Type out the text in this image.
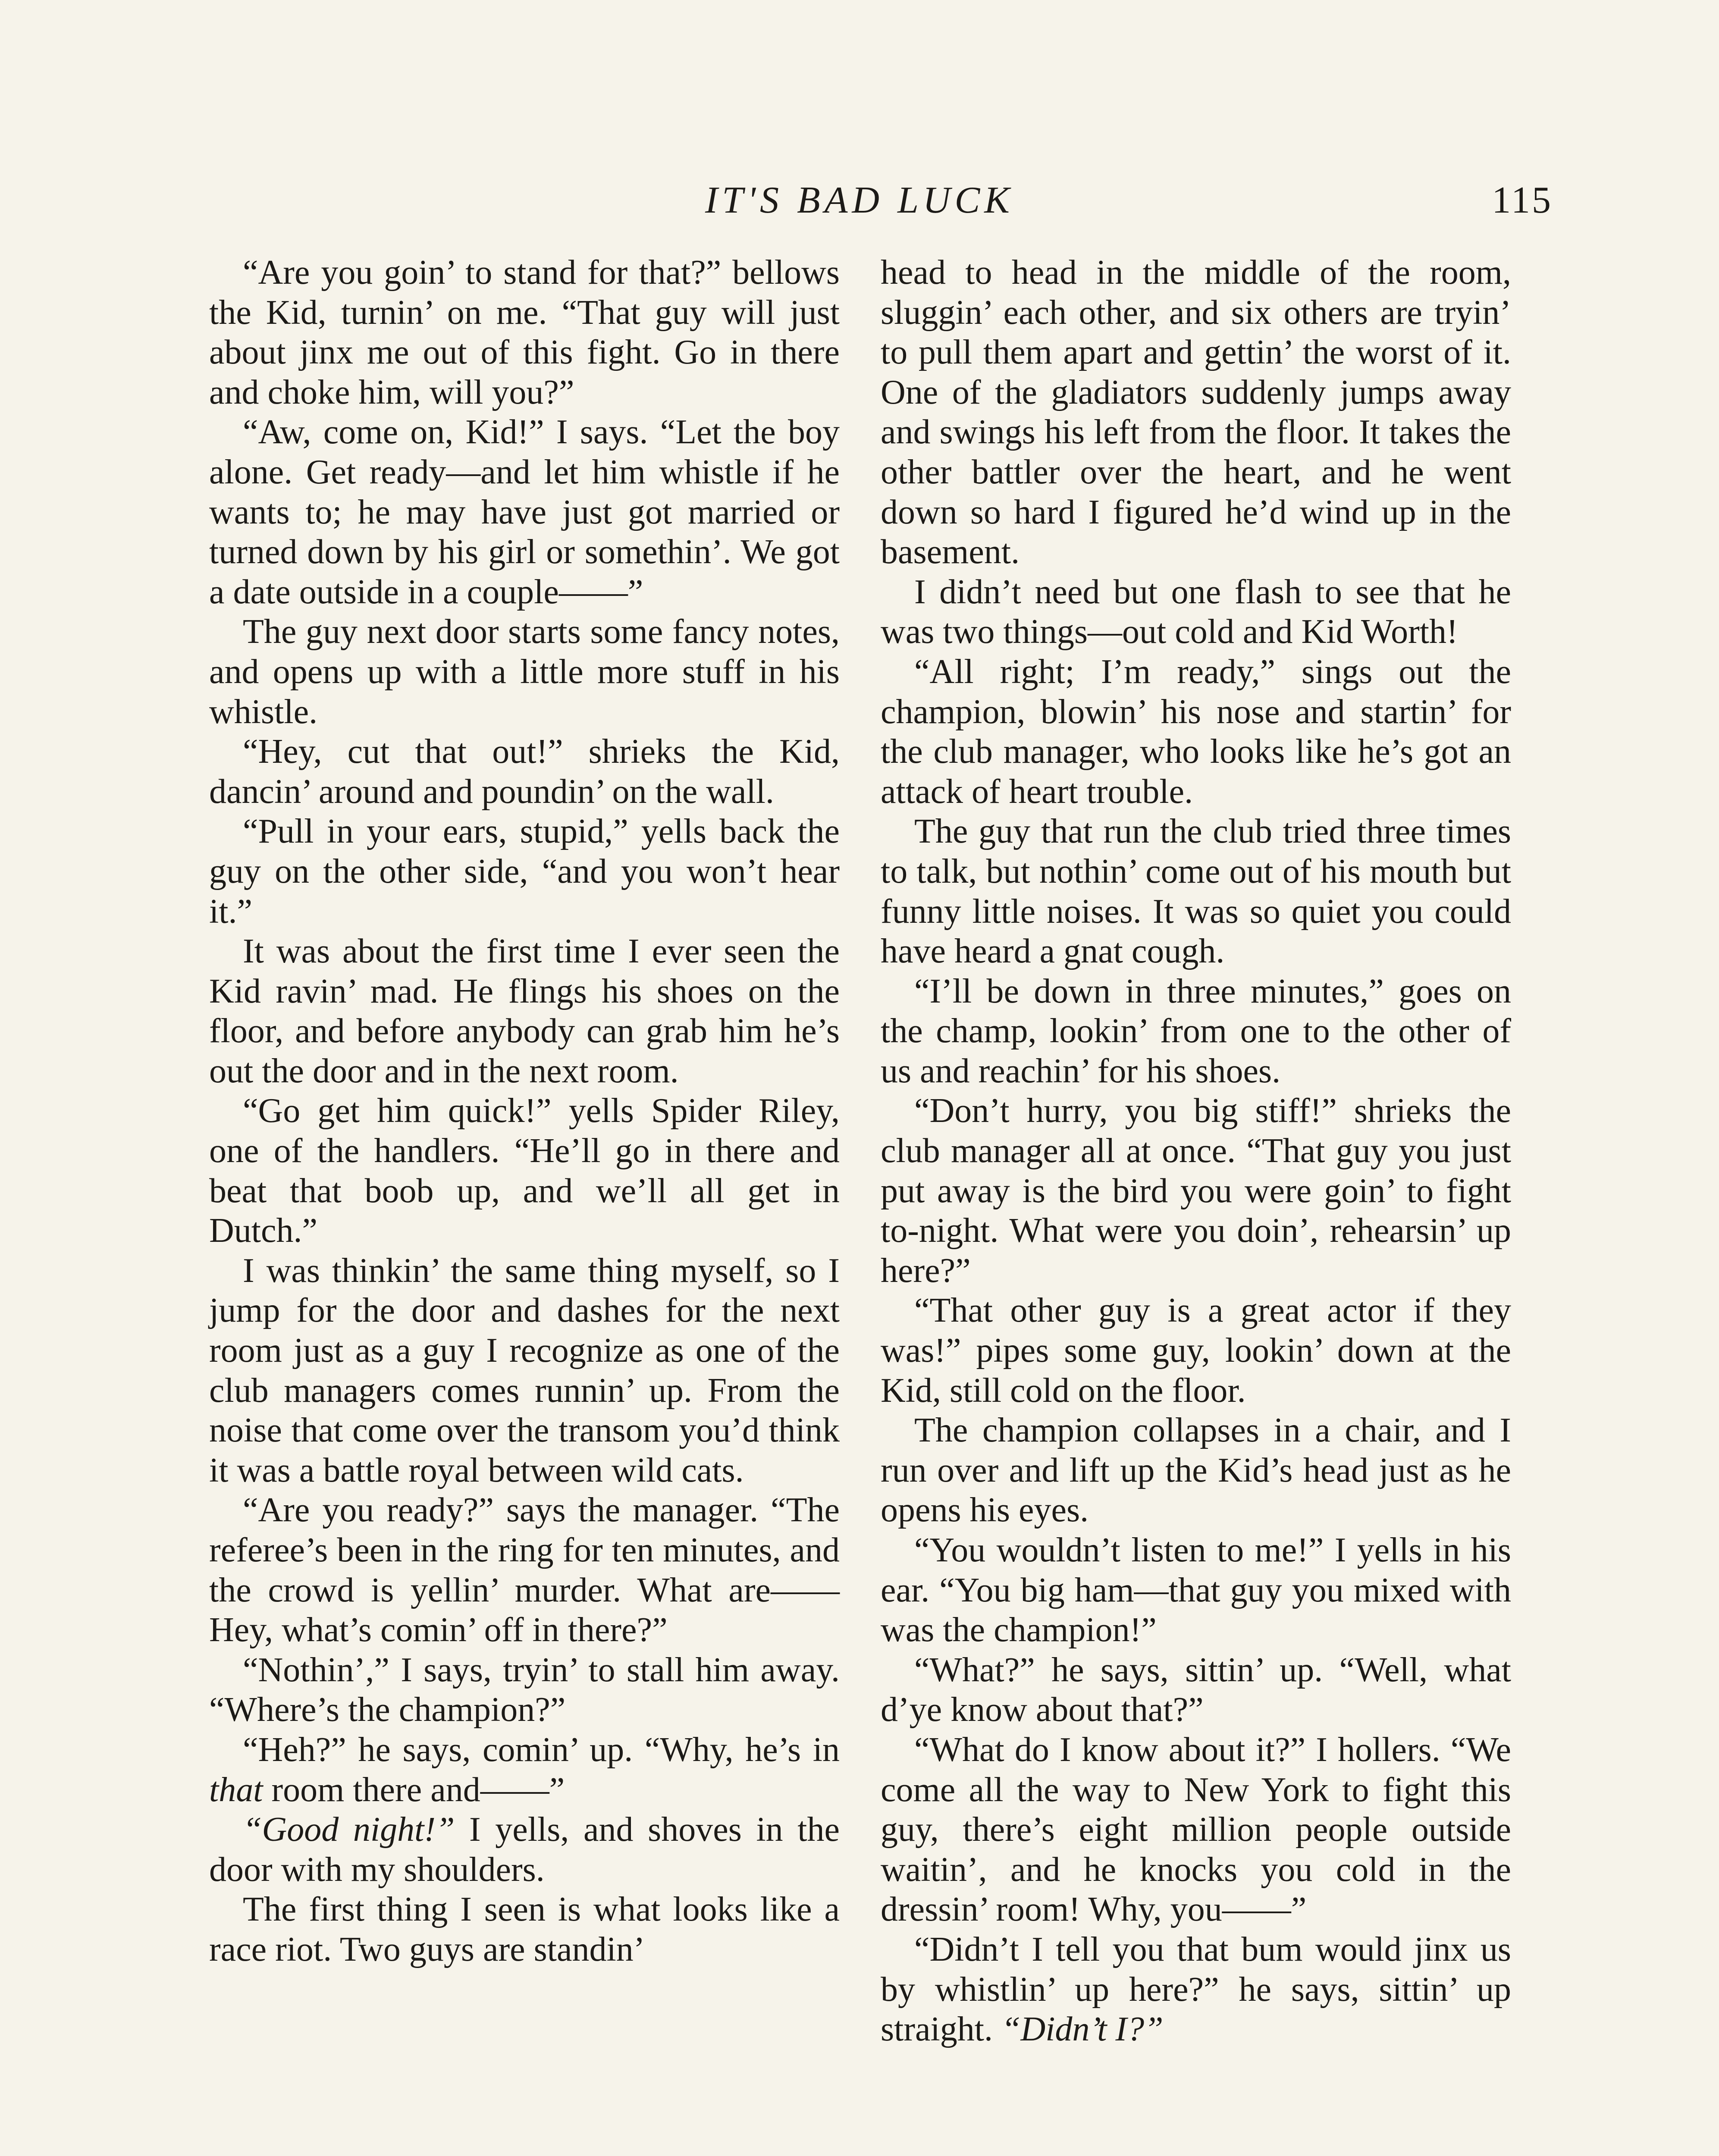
IT'S BAD LUCK	115

“Are you goin’ to stand for that?” bellows the Kid, turnin’ on me. “That guy will just about jinx me out of this fight. Go in there and choke him, will you?”

“Aw, come on, Kid!” I says. “Let the boy alone. Get ready—and let him whistle if he wants to; he may have just got married or turned down by his girl or somethin’. We got a date outside in a couple——”

The guy next door starts some fancy notes, and opens up with a little more stuff in his whistle.

“Hey, cut that out!” shrieks the Kid, dancin’ around and poundin’ on the wall.

“Pull in your ears, stupid,” yells back the guy on the other side, “and you won’t hear it.”

It was about the first time I ever seen the Kid ravin’ mad. He flings his shoes on the floor, and before anybody can grab him he’s out the door and in the next room.

“Go get him quick!” yells Spider Riley, one of the handlers. “He’ll go in there and beat that boob up, and we’ll all get in Dutch.”

I was thinkin’ the same thing myself, so I jump for the door and dashes for the next room just as a guy I recognize as one of the club managers comes runnin’ up. From the noise that come over the transom you’d think it was a battle royal between wild cats.

“Are you ready?” says the manager. “The referee’s been in the ring for ten minutes, and the crowd is yellin’ murder. What are—— Hey, what’s comin’ off in there?”

“Nothin’,” I says, tryin’ to stall him away. “Where’s the champion?”

“Heh?” he says, comin’ up. “Why, he’s in that room there and——”

“Good night!” I yells, and shoves in the door with my shoulders.

The first thing I seen is what looks like a race riot. Two guys are standin’

head to head in the middle of the room, sluggin’ each other, and six others are tryin’ to pull them apart and gettin’ the worst of it. One of the gladiators suddenly jumps away and swings his left from the floor. It takes the other battler over the heart, and he went down so hard I figured he’d wind up in the basement.

I didn’t need but one flash to see that he was two things—out cold and Kid Worth!

“All right; I’m ready,” sings out the champion, blowin’ his nose and startin’ for the club manager, who looks like he’s got an attack of heart trouble.

The guy that run the club tried three times to talk, but nothin’ come out of his mouth but funny little noises. It was so quiet you could have heard a gnat cough.

“I’ll be down in three minutes,” goes on the champ, lookin’ from one to the other of us and reachin’ for his shoes.

“Don’t hurry, you big stiff!” shrieks the club manager all at once. “That guy you just put away is the bird you were goin’ to fight to-night. What were you doin’, rehearsin’ up here?”

“That other guy is a great actor if they was!” pipes some guy, lookin’ down at the Kid, still cold on the floor.

The champion collapses in a chair, and I run over and lift up the Kid’s head just as he opens his eyes.

“You wouldn’t listen to me!” I yells in his ear. “You big ham—that guy you mixed with was the champion!”

“What?” he says, sittin’ up. “Well, what d’ye know about that?”

“What do I know about it?” I hollers. “We come all the way to New York to fight this guy, there’s eight million people outside waitin’, and he knocks you cold in the dressin’ room! Why, you——”

“Didn’t I tell you that bum would jinx us by whistlin’ up here?” he says, sittin’ up straight. “Didn’t I?”
